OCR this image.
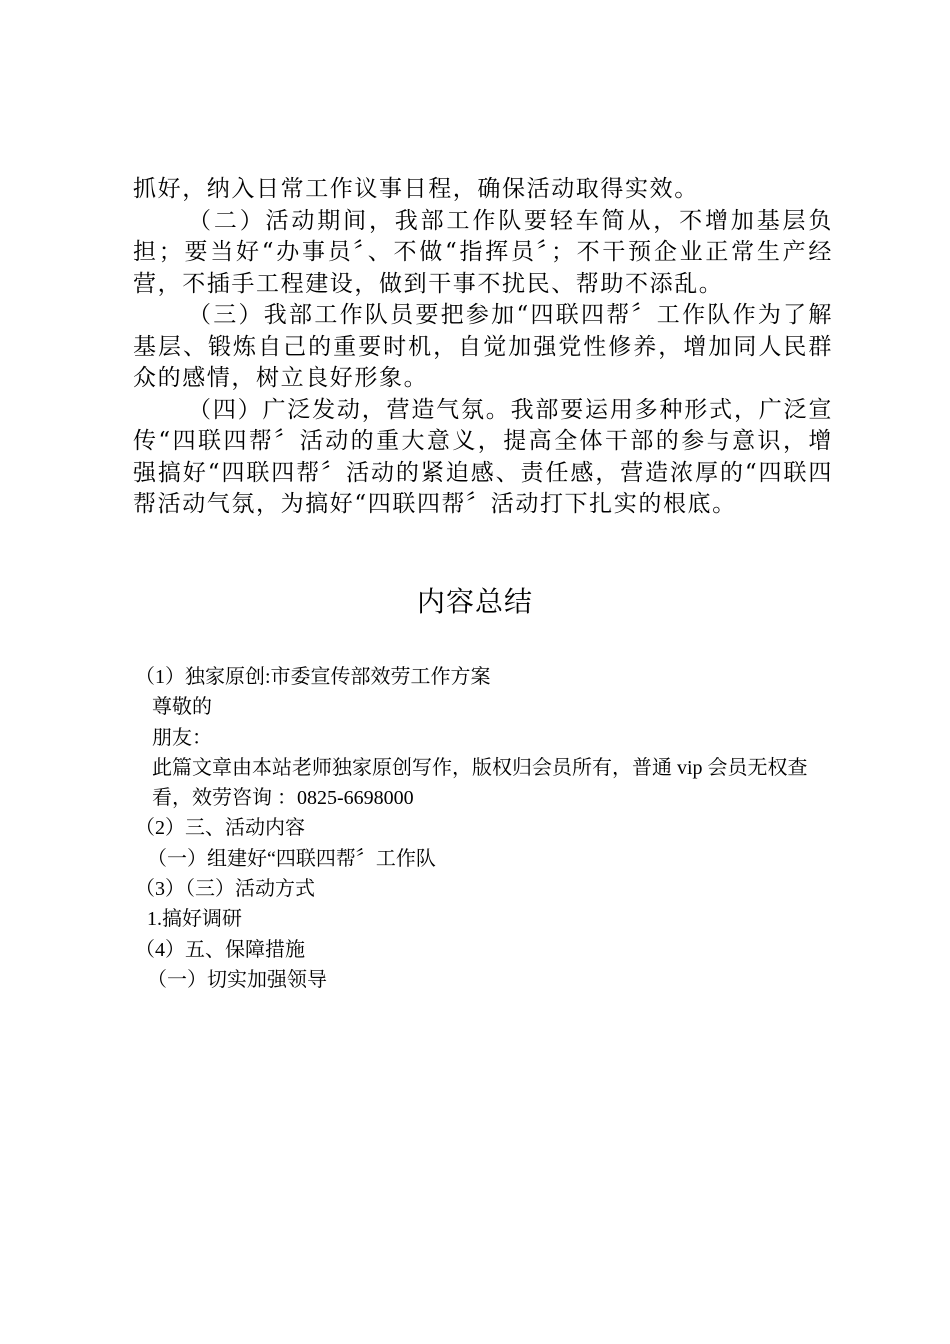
抓好，纳入日常工作议事日程，确保活动取得实效。

（二）活动期间，我部工作队要轻车简从，不增加基层负担；要当好“办事员〞、不做“指挥员〞；不干预企业正常生产经营，不插手工程建设，做到干事不扰民、帮助不添乱。

（三）我部工作队员要把参加“四联四帮〞工作队作为了解基层、锻炼自己的重要时机，自觉加强党性修养，增加同人民群众的感情，树立良好形象。

（四）广泛发动，营造气氛。我部要运用多种形式，广泛宣传“四联四帮〞活动的重大意义，提高全体干部的参与意识，增强搞好“四联四帮〞活动的紧迫感、责任感，营造浓厚的“四联四帮活动气氛，为搞好“四联四帮〞活动打下扎实的根底。

内容总结

（1）独家原创:市委宣传部效劳工作方案

尊敬的

朋友：

此篇文章由本站老师独家原创写作，版权归会员所有，普通 vip 会员无权查看，效劳咨询 ：0825-6698000

（2）三、活动内容

（一）组建好“四联四帮〞工作队

（3）（三）活动方式

1.搞好调研

（4）五、保障措施

（一）切实加强领导
